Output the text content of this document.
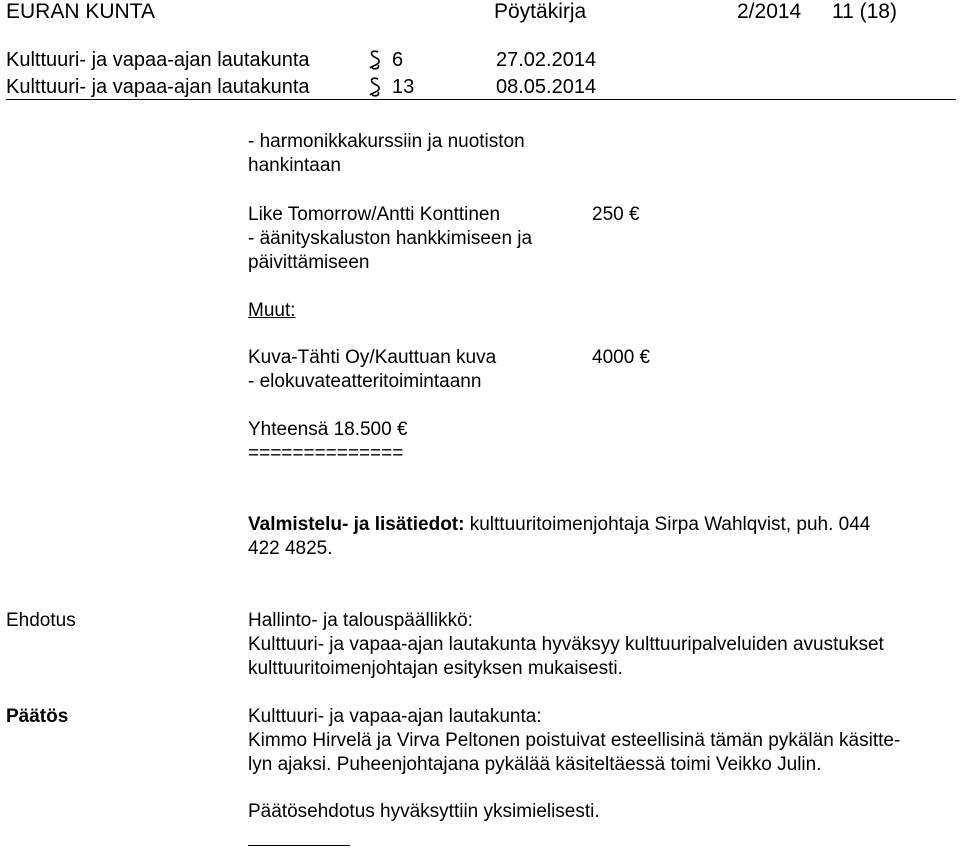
EURAN KUNTA	Pöytäkirja	2/2014 11 (18)
Kulttuuri- ja vapaa-ajan lautakunta	6	27.02.2014
Kulttuuri- ja vapaa-ajan lautakunta	13	08.05.2014
- harmonikkakurssiin ja nuotiston
hankintaan
Like Tomorrow/Antti Konttinen	250 €
- äänityskaluston hankkimiseen ja
päivittämiseen
Muut:
Kuva-Tähti Oy/Kauttuan kuva	4000 €
- elokuvateatteritoimintaann
Yhteensä 18.500 €
==============
Valmistelu- ja lisätiedot: kulttuuritoimenjohtaja Sirpa Wahlqvist, puh. 044
422 4825.
Ehdotus	Hallinto- ja talouspäällikkö:
Kulttuuri- ja vapaa-ajan lautakunta hyväksyy kulttuuripalveluiden avustukset
kulttuuritoimenjohtajan esityksen mukaisesti.
Päätös	Kulttuuri- ja vapaa-ajan lautakunta:
Kimmo Hirvelä ja Virva Peltonen poistuivat esteellisinä tämän pykälän käsitte-
lyn ajaksi. Puheenjohtajana pykälää käsiteltäessä toimi Veikko Julin.
Päätösehdotus hyväksyttiin yksimielisesti.
